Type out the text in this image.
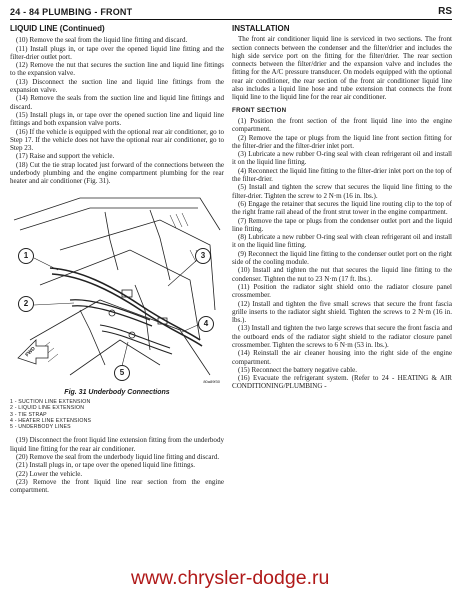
24 - 84 PLUMBING - FRONT	RS
LIQUID LINE (Continued)

(10) Remove the seal from the liquid line fitting and discard.

(11) Install plugs in, or tape over the opened liquid line fitting and the filter-drier outlet port.

(12) Remove the nut that secures the suction line and liquid line fittings to the expansion valve.

(13) Disconnect the suction line and liquid line fittings from the expansion valve.

(14) Remove the seals from the suction line and liquid line fittings and discard.

(15) Install plugs in, or tape over the opened suction line and liquid line fittings and both expansion valve ports.

(16) If the vehicle is equipped with the optional rear air conditioner, go to Step 17. If the vehicle does not have the optional rear air conditioner, go to Step 23.

(17) Raise and support the vehicle.

(18) Cut the tie strap located just forward of the connections between the underbody plumbing and the engine compartment plumbing for the rear heater and air conditioner (Fig. 31).

1
2
3
4
5
FWD
80a89f30
Fig. 31 Underbody Connections
1 - SUCTION LINE EXTENSION
2 - LIQUID LINE EXTENSION
3 - TIE STRAP
4 - HEATER LINE EXTENSIONS
5 - UNDERBODY LINES

(19) Disconnect the front liquid line extension fitting from the underbody liquid line fitting for the rear air conditioner.

(20) Remove the seal from the underbody liquid line fitting and discard.

(21) Install plugs in, or tape over the opened liquid line fittings.

(22) Lower the vehicle.

(23) Remove the front liquid line rear section from the engine compartment.

INSTALLATION

The front air conditioner liquid line is serviced in two sections. The front section connects between the condenser and the filter/drier and includes the high side service port on the fitting for the filter/drier. The rear section connects between the filter/drier and the expansion valve and includes the fitting for the A/C pressure transducer. On models equipped with the optional rear air conditioner, the rear section of the front air conditioner liquid line also includes a liquid line hose and tube extension that connects the front liquid line to the liquid line for the rear air conditioner.

FRONT SECTION

(1) Position the front section of the front liquid line into the engine compartment.

(2) Remove the tape or plugs from the liquid line front section fitting for the filter-drier and the filter-drier inlet port.

(3) Lubricate a new rubber O-ring seal with clean refrigerant oil and install it on the liquid line fitting.

(4) Reconnect the liquid line fitting to the filter-drier inlet port on the top of the filter-drier.

(5) Install and tighten the screw that secures the liquid line fitting to the filter-drier. Tighten the screw to 2 N·m (16 in. lbs.).

(6) Engage the retainer that secures the liquid line routing clip to the top of the right frame rail ahead of the front strut tower in the engine compartment.

(7) Remove the tape or plugs from the condenser outlet port and the liquid line fitting.

(8) Lubricate a new rubber O-ring seal with clean refrigerant oil and install it on the liquid line fitting.

(9) Reconnect the liquid line fitting to the condenser outlet port on the right side of the cooling module.

(10) Install and tighten the nut that secures the liquid line fitting to the condenser. Tighten the nut to 23 N·m (17 ft. lbs.).

(11) Position the radiator sight shield onto the radiator closure panel crossmember.

(12) Install and tighten the five small screws that secure the front fascia grille inserts to the radiator sight shield. Tighten the screws to 2 N·m (16 in. lbs.).

(13) Install and tighten the two large screws that secure the front fascia and the outboard ends of the radiator sight shield to the radiator closure panel crossmember. Tighten the screws to 6 N·m (53 in. lbs.).

(14) Reinstall the air cleaner housing into the right side of the engine compartment.

(15) Reconnect the battery negative cable.

(16) Evacuate the refrigerant system. (Refer to 24 - HEATING & AIR CONDITIONING/PLUMBING -

www.chrysler-dodge.ru
